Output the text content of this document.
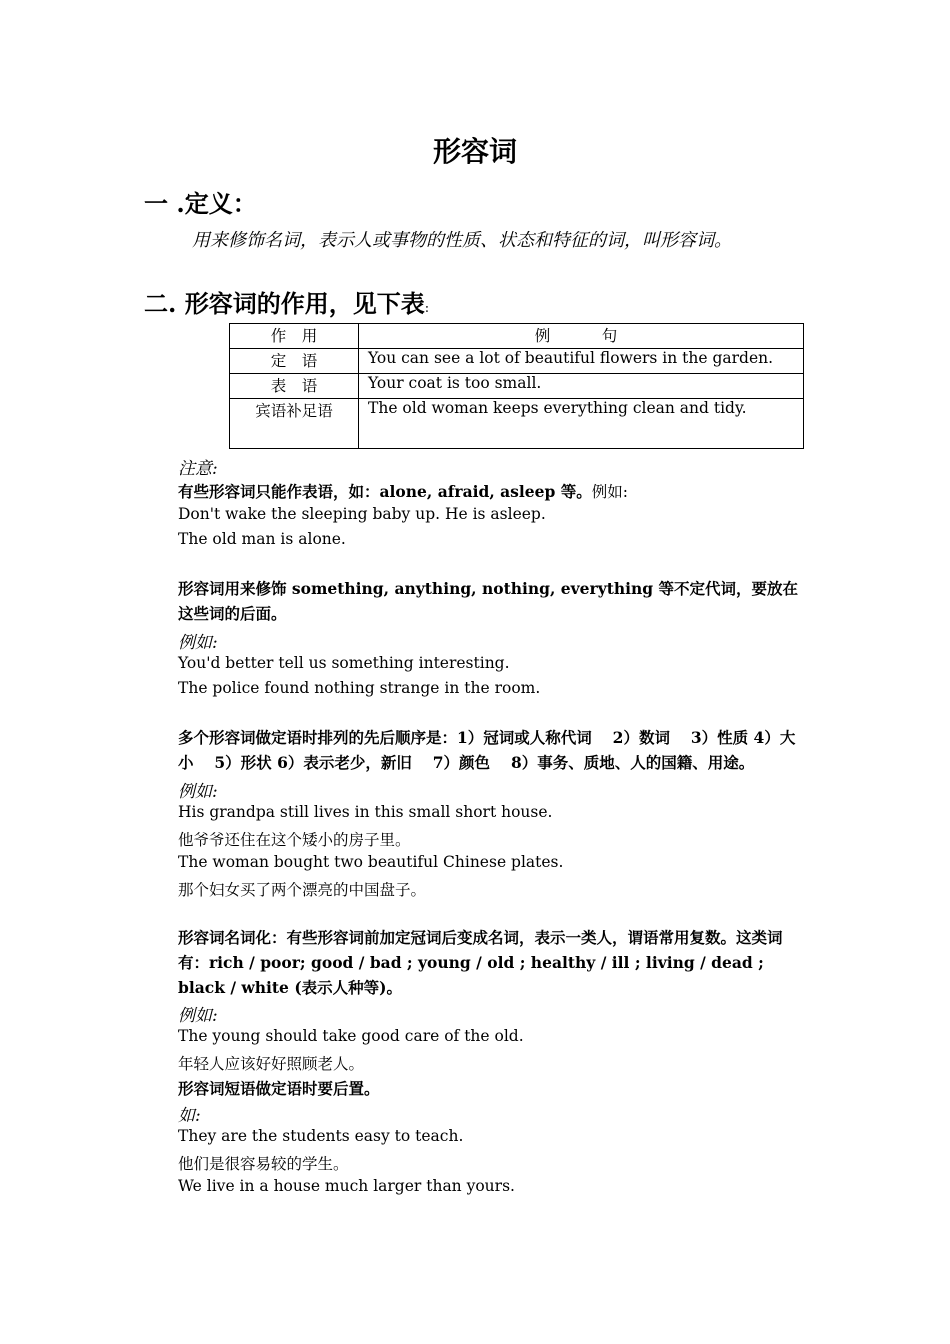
形容词
一 .定义：
用来修饰名词，表示人或事物的性质、状态和特征的词，叫形容词。
二. 形容词的作用，见下表:
作　用	例 句

定　语	You can see a lot of beautiful flowers in the garden.
表　语	Your coat is too small.
宾语补足语	The old woman keeps everything clean and tidy.
注意:
有些形容词只能作表语，如：alone, afraid, asleep 等。例如:
Don't wake the sleeping baby up. He is asleep.
The old man is alone.
形容词用来修饰 something, anything, nothing, everything 等不定代词，要放在这些词的后面。
例如:
You'd better tell us something interesting.
The police found nothing strange in the room.
多个形容词做定语时排列的先后顺序是：1）冠词或人称代词　 2）数词　 3）性质 4）大小　 5）形状 6）表示老少，新旧　 7）颜色　 8）事务、质地、人的国籍、用途。
例如:
His grandpa still lives in this small short house.
他爷爷还住在这个矮小的房子里。
The woman bought two beautiful Chinese plates.
那个妇女买了两个漂亮的中国盘子。
形容词名词化：有些形容词前加定冠词后变成名词，表示一类人，谓语常用复数。这类词有：rich / poor; good / bad ; young / old ; healthy / ill ; living / dead ; black / white (表示人种等)。
例如:
The young should take good care of the old.
年轻人应该好好照顾老人。
形容词短语做定语时要后置。
如:
They are the students easy to teach.
他们是很容易较的学生。
We live in a house much larger than yours.
